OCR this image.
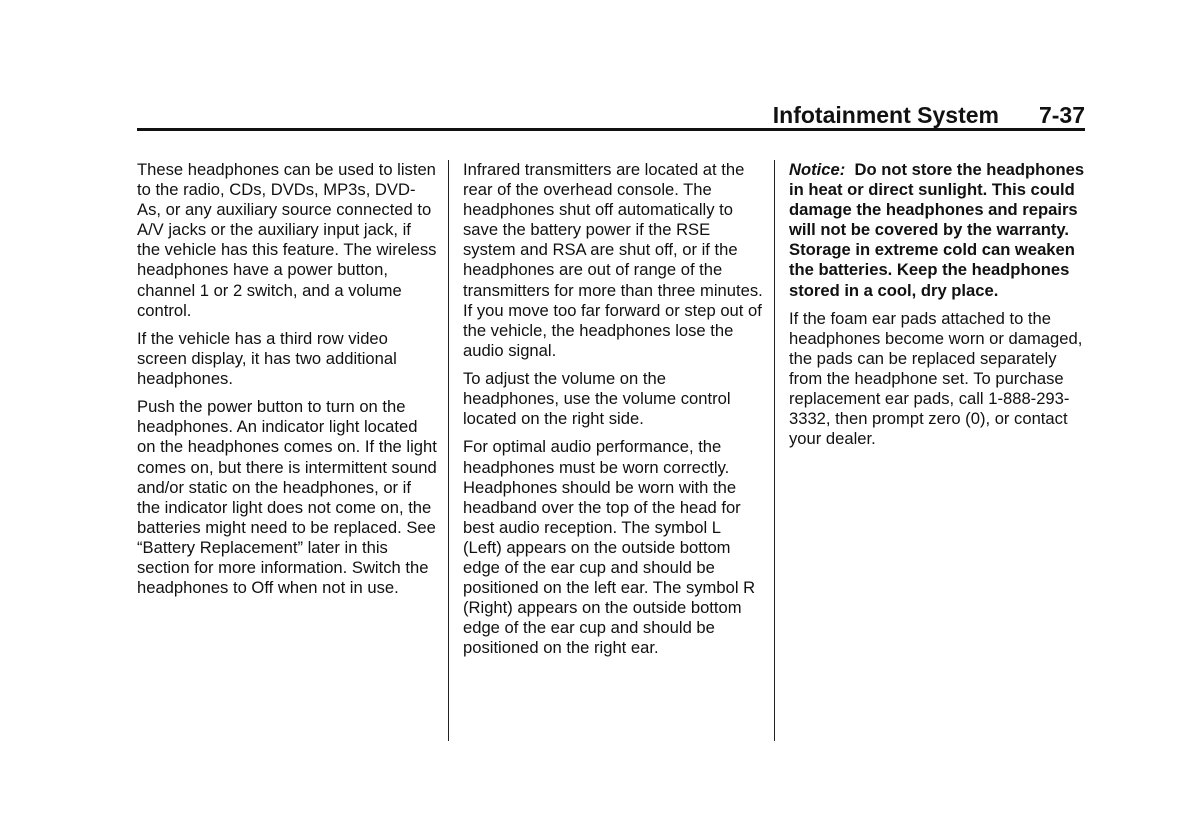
Infotainment System 7-37

These headphones can be used to listen to the radio, CDs, DVDs, MP3s, DVD-As, or any auxiliary source connected to A/V jacks or the auxiliary input jack, if the vehicle has this feature. The wireless headphones have a power button, channel 1 or 2 switch, and a volume control.

If the vehicle has a third row video screen display, it has two additional headphones.

Push the power button to turn on the headphones. An indicator light located on the headphones comes on. If the light comes on, but there is intermittent sound and/or static on the headphones, or if the indicator light does not come on, the batteries might need to be replaced. See “Battery Replacement” later in this section for more information. Switch the headphones to Off when not in use.

Infrared transmitters are located at the rear of the overhead console. The headphones shut off automatically to save the battery power if the RSE system and RSA are shut off, or if the headphones are out of range of the transmitters for more than three minutes. If you move too far forward or step out of the vehicle, the headphones lose the audio signal.

To adjust the volume on the headphones, use the volume control located on the right side.

For optimal audio performance, the headphones must be worn correctly. Headphones should be worn with the headband over the top of the head for best audio reception. The symbol L (Left) appears on the outside bottom edge of the ear cup and should be positioned on the left ear. The symbol R (Right) appears on the outside bottom edge of the ear cup and should be positioned on the right ear.

Notice: Do not store the headphones in heat or direct sunlight. This could damage the headphones and repairs will not be covered by the warranty. Storage in extreme cold can weaken the batteries. Keep the headphones stored in a cool, dry place.

If the foam ear pads attached to the headphones become worn or damaged, the pads can be replaced separately from the headphone set. To purchase replacement ear pads, call 1-888-293-3332, then prompt zero (0), or contact your dealer.
